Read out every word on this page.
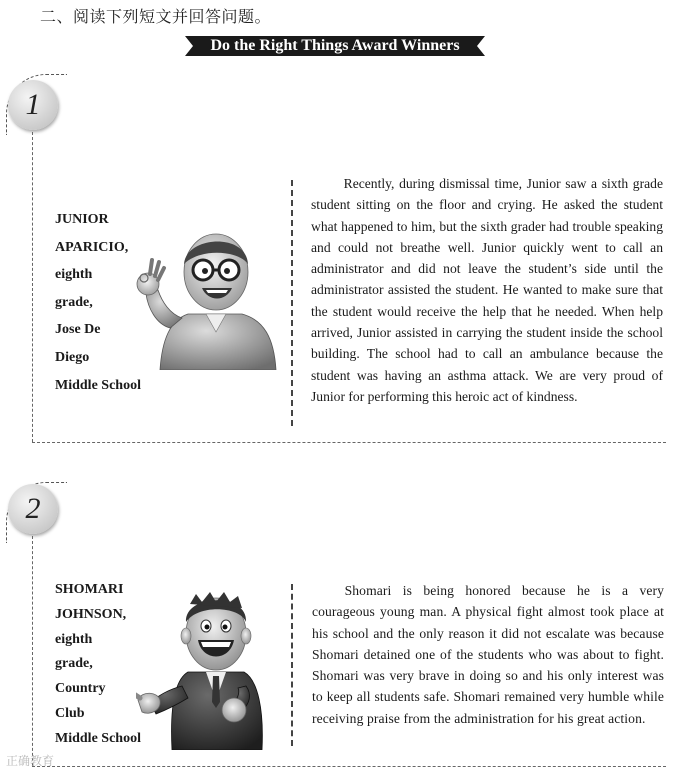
二、阅读下列短文并回答问题。
Do the Right Things Award Winners
1
JUNIOR
APARICIO,
eighth
grade,
Jose De
Diego
Middle School
Recently, during dismissal time, Junior saw a sixth grade student sitting on the floor and crying. He asked the student what happened to him, but the sixth grader had trouble speaking and could not breathe well. Junior quickly went to call an administrator and did not leave the student’s side until the administrator assisted the student. He wanted to make sure that the student would receive the help that he needed. When help arrived, Junior assisted in carrying the student inside the school building. The school had to call an ambulance because the student was having an asthma attack. We are very proud of Junior for performing this heroic act of kindness.
2
SHOMARI
JOHNSON,
eighth
grade,
Country
Club
Middle School
Shomari is being honored because he is a very courageous young man. A physical fight almost took place at his school and the only reason it did not escalate was because Shomari detained one of the students who was about to fight. Shomari was very brave in doing so and his only interest was to keep all students safe. Shomari remained very humble while receiving praise from the administration for his great action.
正确教育
